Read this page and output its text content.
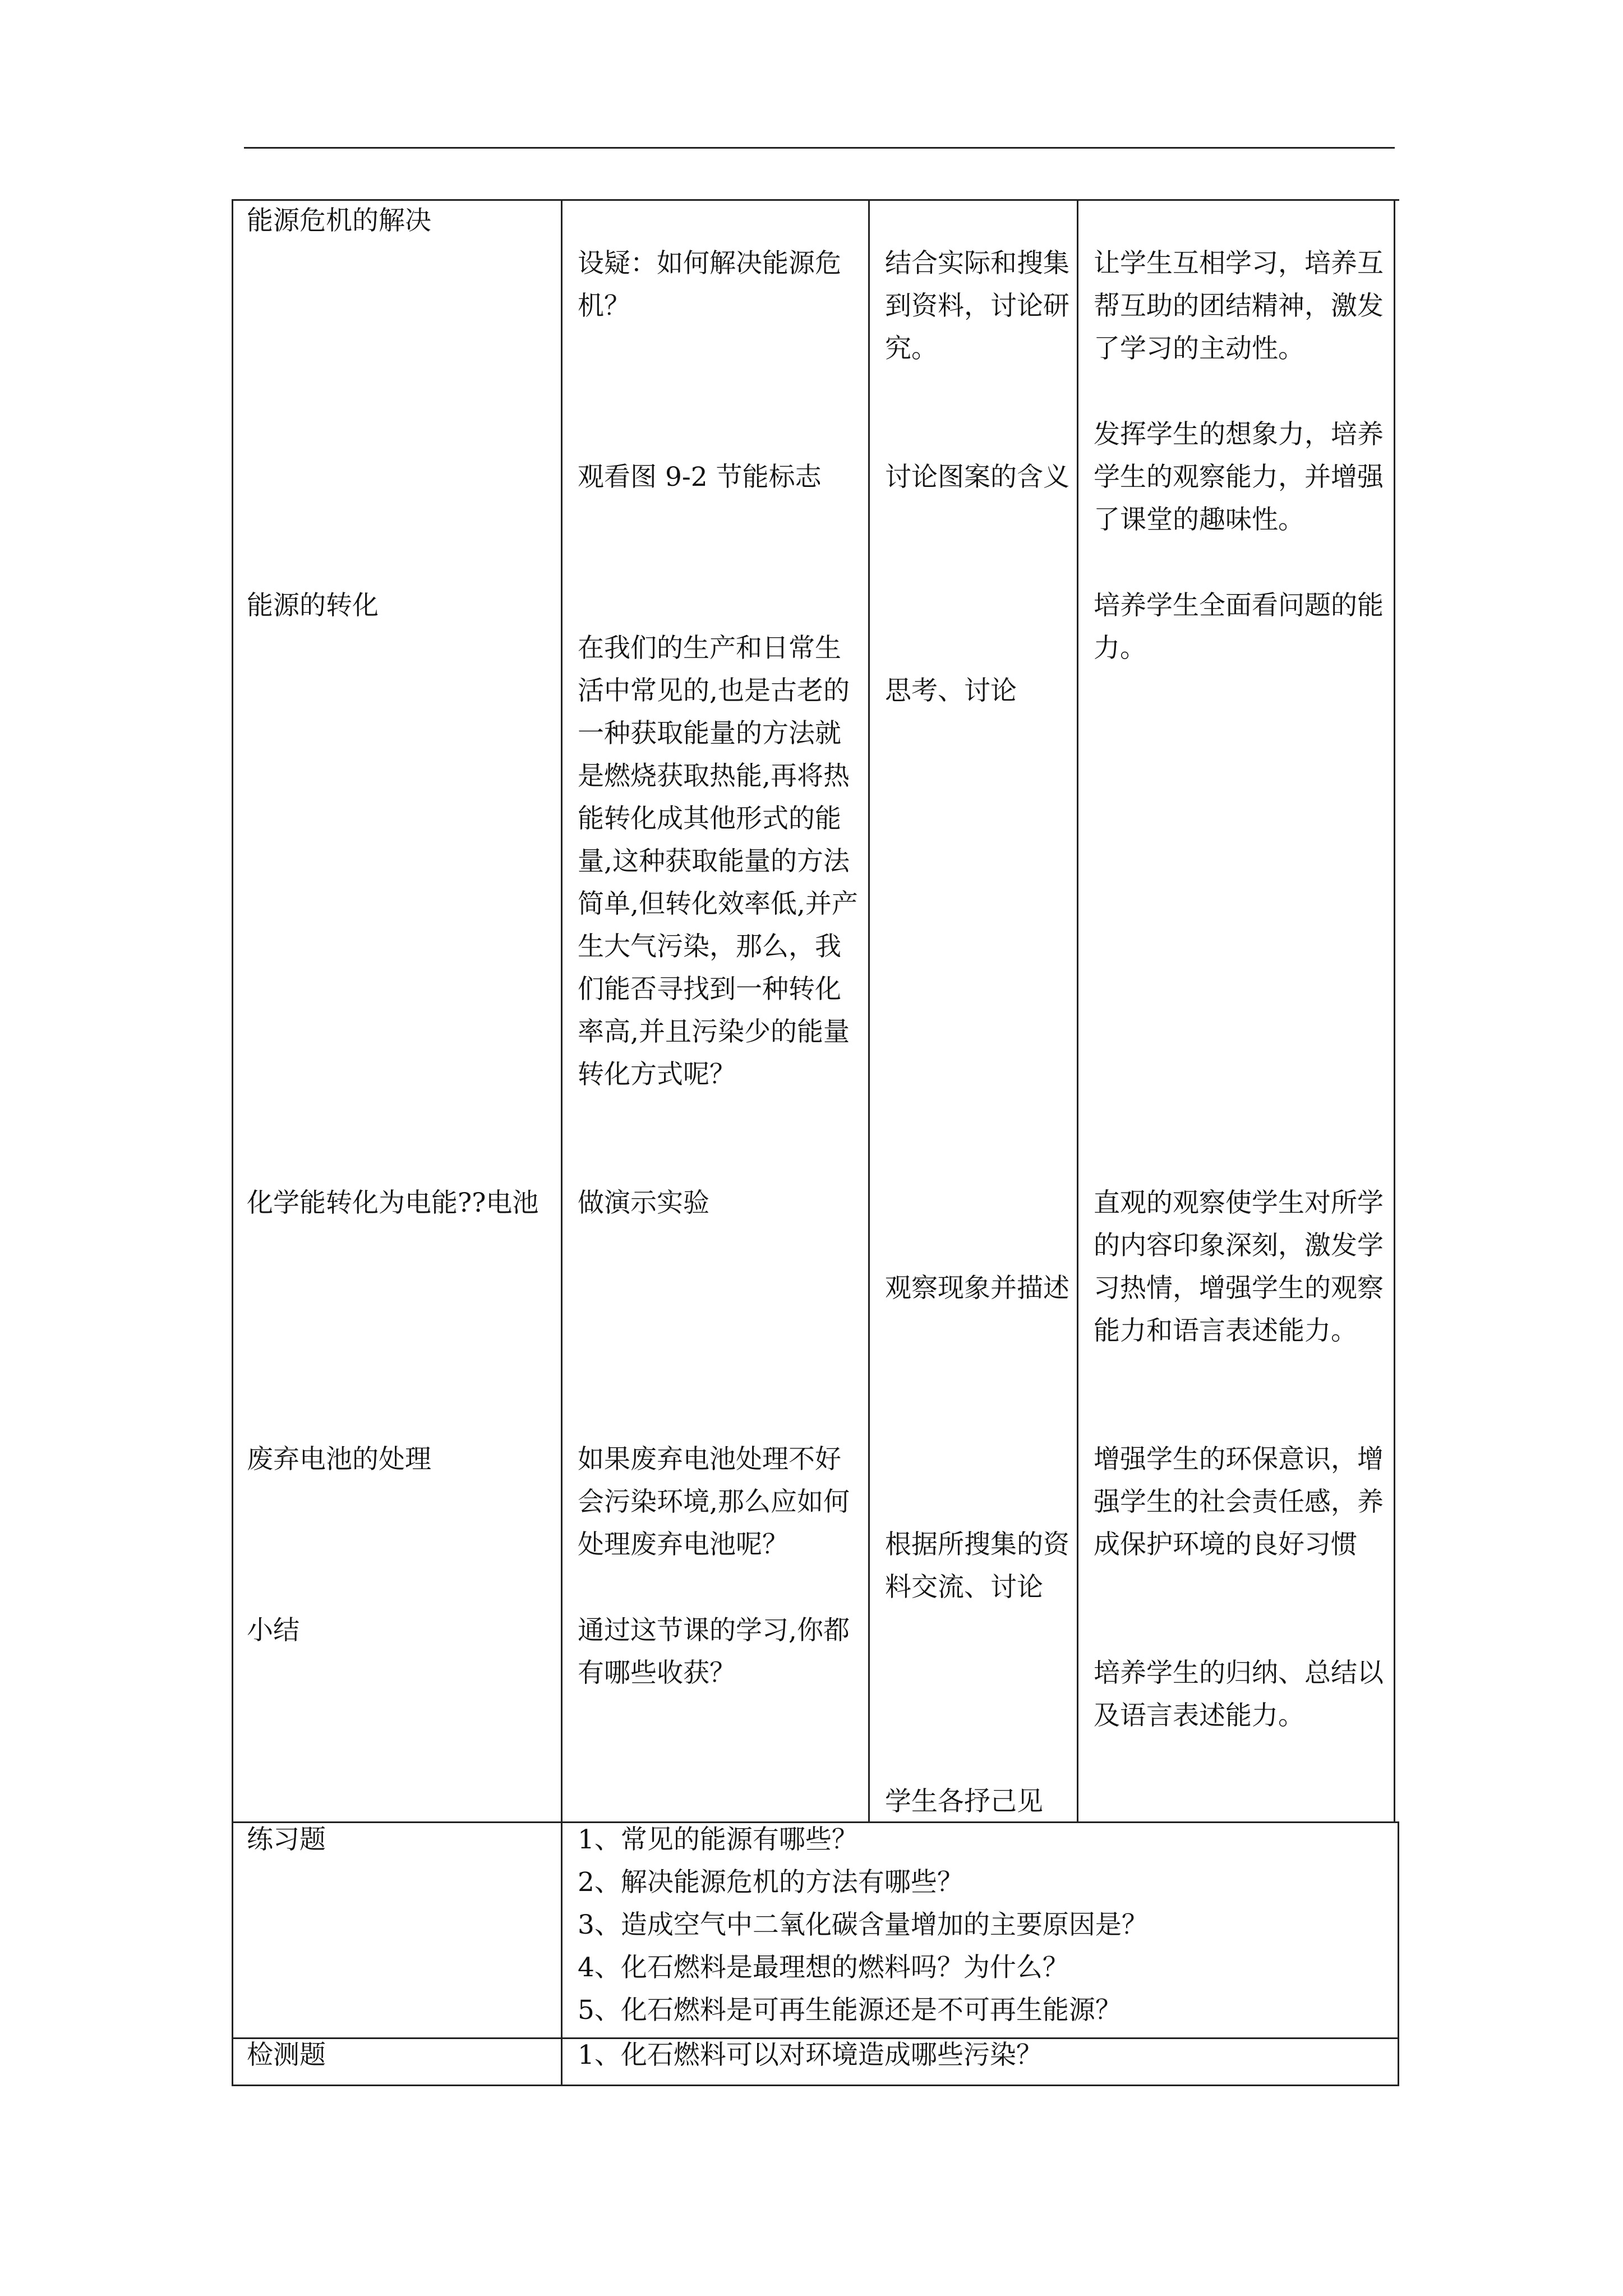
能源危机的解决
能源的转化
化学能转化为电能??电池
废弃电池的处理
小结
设疑：如何解决能源危机？
观看图 9-2 节能标志
在我们的生产和日常生活中常见的,也是古老的一种获取能量的方法就是燃烧获取热能,再将热能转化成其他形式的能量,这种获取能量的方法简单,但转化效率低,并产生大气污染，那么，我们能否寻找到一种转化率高,并且污染少的能量转化方式呢？
做演示实验
如果废弃电池处理不好会污染环境,那么应如何处理废弃电池呢？
通过这节课的学习,你都有哪些收获？
结合实际和搜集到资料，讨论研究。
讨论图案的含义
思考、讨论
观察现象并描述
根据所搜集的资料交流、讨论
学生各抒己见
让学生互相学习，培养互帮互助的团结精神，激发了学习的主动性。
发挥学生的想象力，培养学生的观察能力，并增强了课堂的趣味性。
培养学生全面看问题的能力。
直观的观察使学生对所学的内容印象深刻，激发学习热情，增强学生的观察能力和语言表述能力。
增强学生的环保意识，增强学生的社会责任感，养成保护环境的良好习惯
培养学生的归纳、总结以及语言表述能力。
练习题	1、常见的能源有哪些？
2、解决能源危机的方法有哪些？
3、造成空气中二氧化碳含量增加的主要原因是？
4、化石燃料是最理想的燃料吗？为什么？
5、化石燃料是可再生能源还是不可再生能源？
检测题	1、化石燃料可以对环境造成哪些污染？
